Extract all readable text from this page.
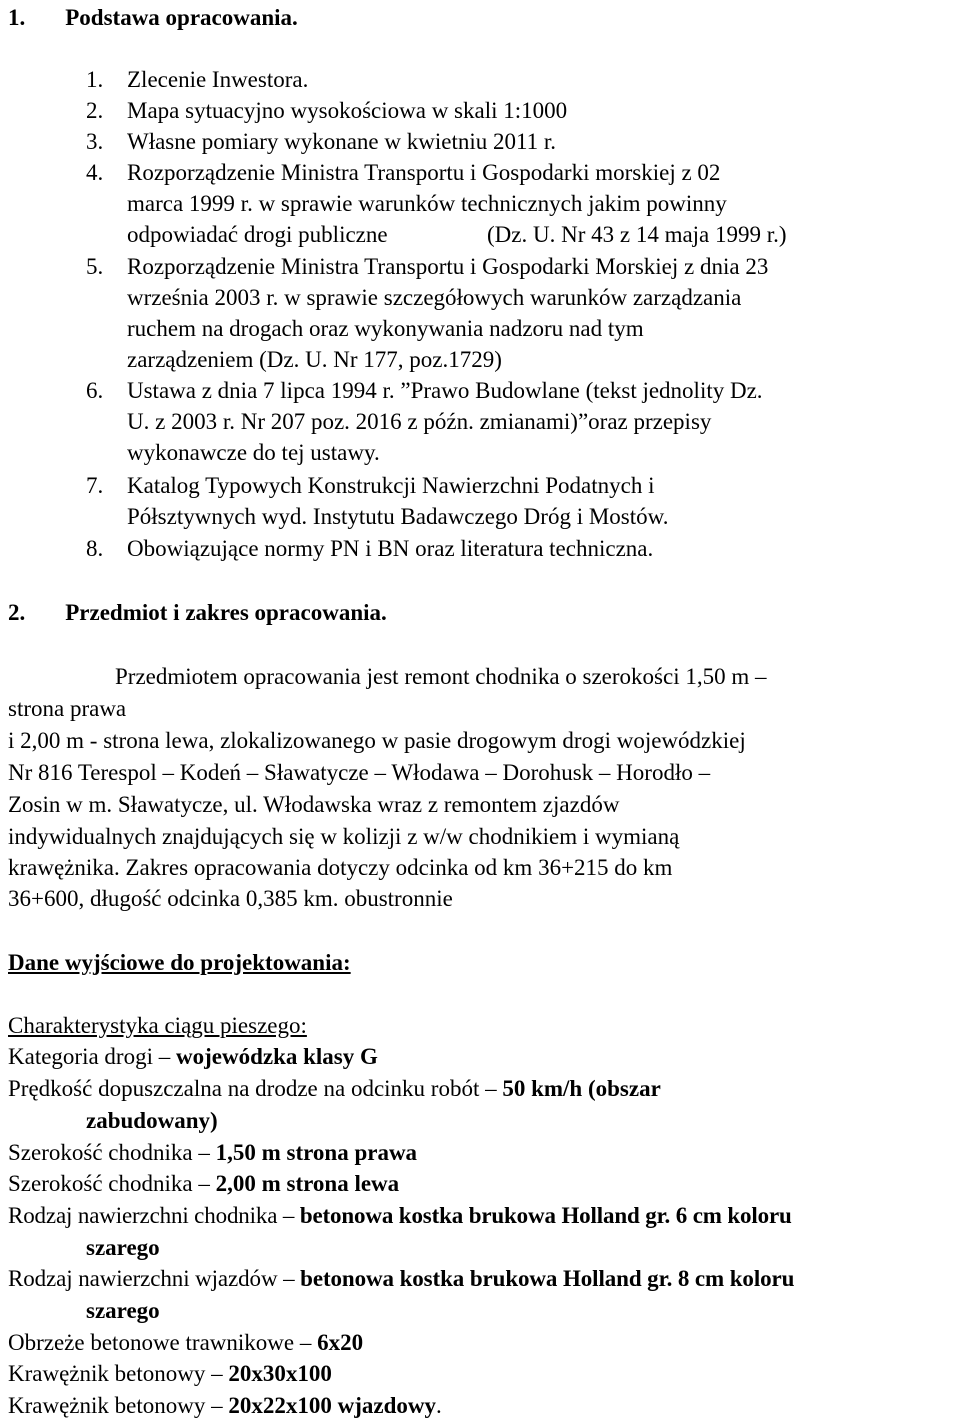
1. Podstawa opracowania.
1. Zlecenie Inwestora.
2. Mapa sytuacyjno wysokościowa w skali 1:1000
3. Własne pomiary wykonane w kwietniu 2011 r.
4. Rozporządzenie Ministra Transportu i Gospodarki morskiej z 02
marca 1999 r. w sprawie warunków technicznych jakim powinny
odpowiadać drogi publiczne	(Dz. U. Nr 43 z 14 maja 1999 r.)
5. Rozporządzenie Ministra Transportu i Gospodarki Morskiej z dnia 23
września 2003 r. w sprawie szczegółowych warunków zarządzania
ruchem na drogach oraz wykonywania nadzoru nad tym
zarządzeniem (Dz. U. Nr 177, poz.1729)
6. Ustawa z dnia 7 lipca 1994 r. ”Prawo Budowlane (tekst jednolity Dz.
U. z 2003 r. Nr 207 poz. 2016 z późn. zmianami)”oraz przepisy
wykonawcze do tej ustawy.
7. Katalog Typowych Konstrukcji Nawierzchni Podatnych i
Półsztywnych wyd. Instytutu Badawczego Dróg i Mostów.
8. Obowiązujące normy PN i BN oraz literatura techniczna.
2. Przedmiot i zakres opracowania.
Przedmiotem opracowania jest remont chodnika o szerokości 1,50 m –
strona prawa
i 2,00 m - strona lewa, zlokalizowanego w pasie drogowym drogi wojewódzkiej
Nr 816 Terespol – Kodeń – Sławatycze – Włodawa – Dorohusk – Horodło –
Zosin w m. Sławatycze, ul. Włodawska wraz z remontem zjazdów
indywidualnych znajdujących się w kolizji z w/w chodnikiem i wymianą
krawężnika. Zakres opracowania dotyczy odcinka od km 36+215 do km
36+600, długość odcinka 0,385 km. obustronnie
Dane wyjściowe do projektowania:
Charakterystyka ciągu pieszego:
Kategoria drogi – wojewódzka klasy G
Prędkość dopuszczalna na drodze na odcinku robót – 50 km/h (obszar
zabudowany)
Szerokość chodnika – 1,50 m strona prawa
Szerokość chodnika – 2,00 m strona lewa
Rodzaj nawierzchni chodnika – betonowa kostka brukowa Holland gr. 6 cm koloru
szarego
Rodzaj nawierzchni wjazdów – betonowa kostka brukowa Holland gr. 8 cm koloru
szarego
Obrzeże betonowe trawnikowe – 6x20
Krawężnik betonowy – 20x30x100
Krawężnik betonowy – 20x22x100 wjazdowy.
